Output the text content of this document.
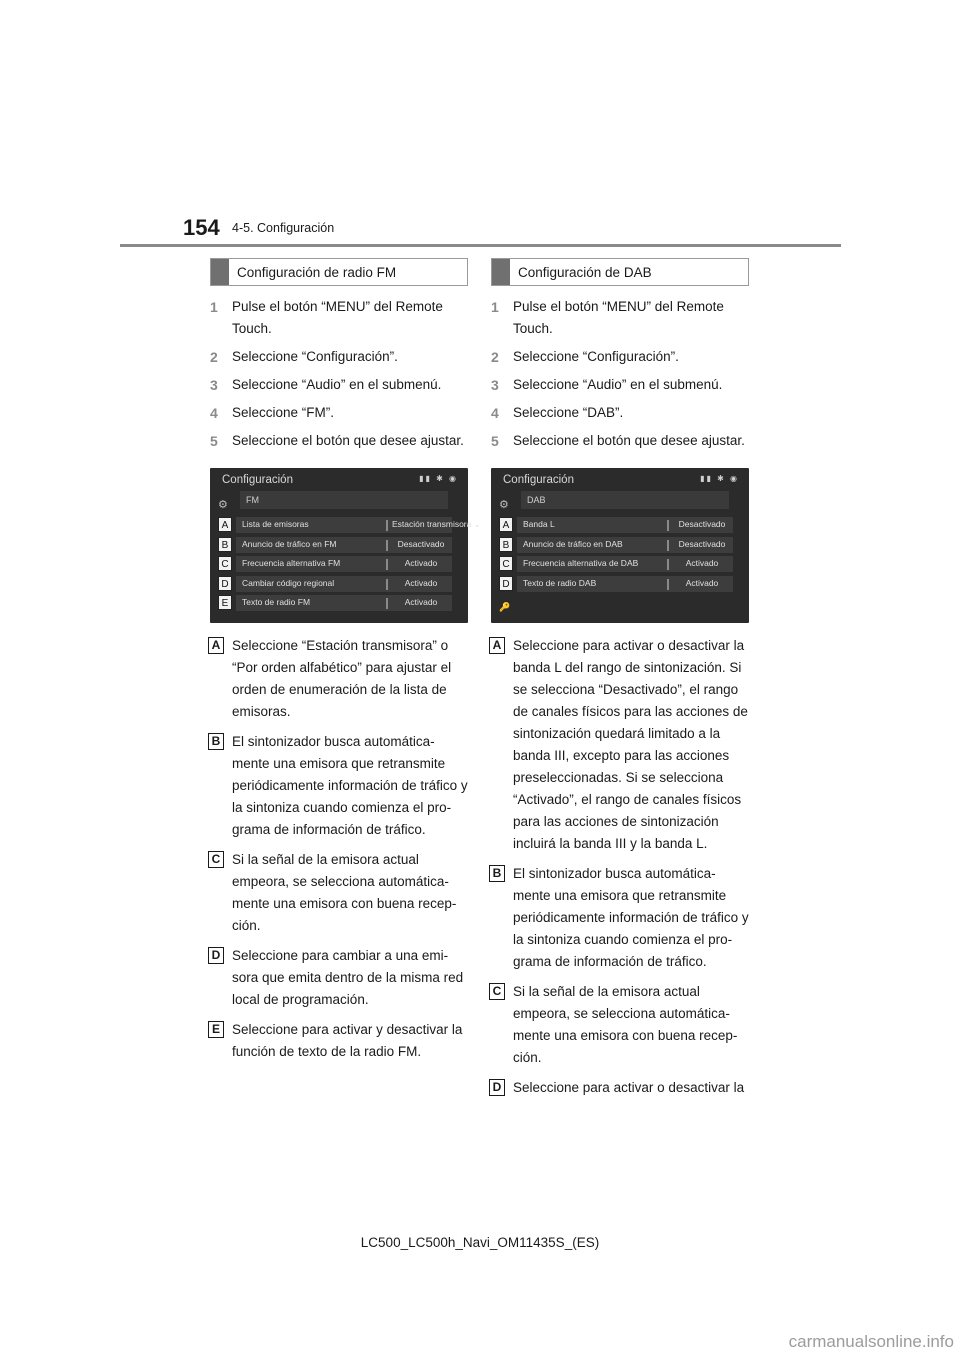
154 4-5. Configuración
Configuración de radio FM
1 Pulse el botón “MENU” del Remote Touch.
2 Seleccione “Configuración”.
3 Seleccione “Audio” en el submenú.
4 Seleccione “FM”.
5 Seleccione el botón que desee ajustar.
Configuración	▮▮ ✱ ◉
⚙	FM
A	Lista de emisoras	Estación transmisora ⌄
B	Anuncio de tráfico en FM	Desactivado
C	Frecuencia alternativa FM	Activado
D	Cambiar código regional	Activado
E	Texto de radio FM	Activado
A Seleccione “Estación transmisora” o “Por orden alfabético” para ajustar el orden de enumeración de la lista de emisoras.
B El sintonizador busca automática-mente una emisora que retransmite periódicamente información de tráfico y la sintoniza cuando comienza el pro-grama de información de tráfico.
C Si la señal de la emisora actual empeora, se selecciona automática-mente una emisora con buena recep-ción.
D Seleccione para cambiar a una emi-sora que emita dentro de la misma red local de programación.
E Seleccione para activar y desactivar la función de texto de la radio FM.
Configuración de DAB
1 Pulse el botón “MENU” del Remote Touch.
2 Seleccione “Configuración”.
3 Seleccione “Audio” en el submenú.
4 Seleccione “DAB”.
5 Seleccione el botón que desee ajustar.
Configuración	▮▮ ✱ ◉
⚙	DAB
A	Banda L	Desactivado
B	Anuncio de tráfico en DAB	Desactivado
C	Frecuencia alternativa de DAB	Activado
D	Texto de radio DAB	Activado
🔑
A Seleccione para activar o desactivar la banda L del rango de sintonización. Si se selecciona “Desactivado”, el rango de canales físicos para las acciones de sintonización quedará limitado a la banda III, excepto para las acciones preseleccionadas. Si se selecciona “Activado”, el rango de canales físicos para las acciones de sintonización incluirá la banda III y la banda L.
B El sintonizador busca automática-mente una emisora que retransmite periódicamente información de tráfico y la sintoniza cuando comienza el pro-grama de información de tráfico.
C Si la señal de la emisora actual empeora, se selecciona automática-mente una emisora con buena recep-ción.
D Seleccione para activar o desactivar la
LC500_LC500h_Navi_OM11435S_(ES)
carmanualsonline.info
